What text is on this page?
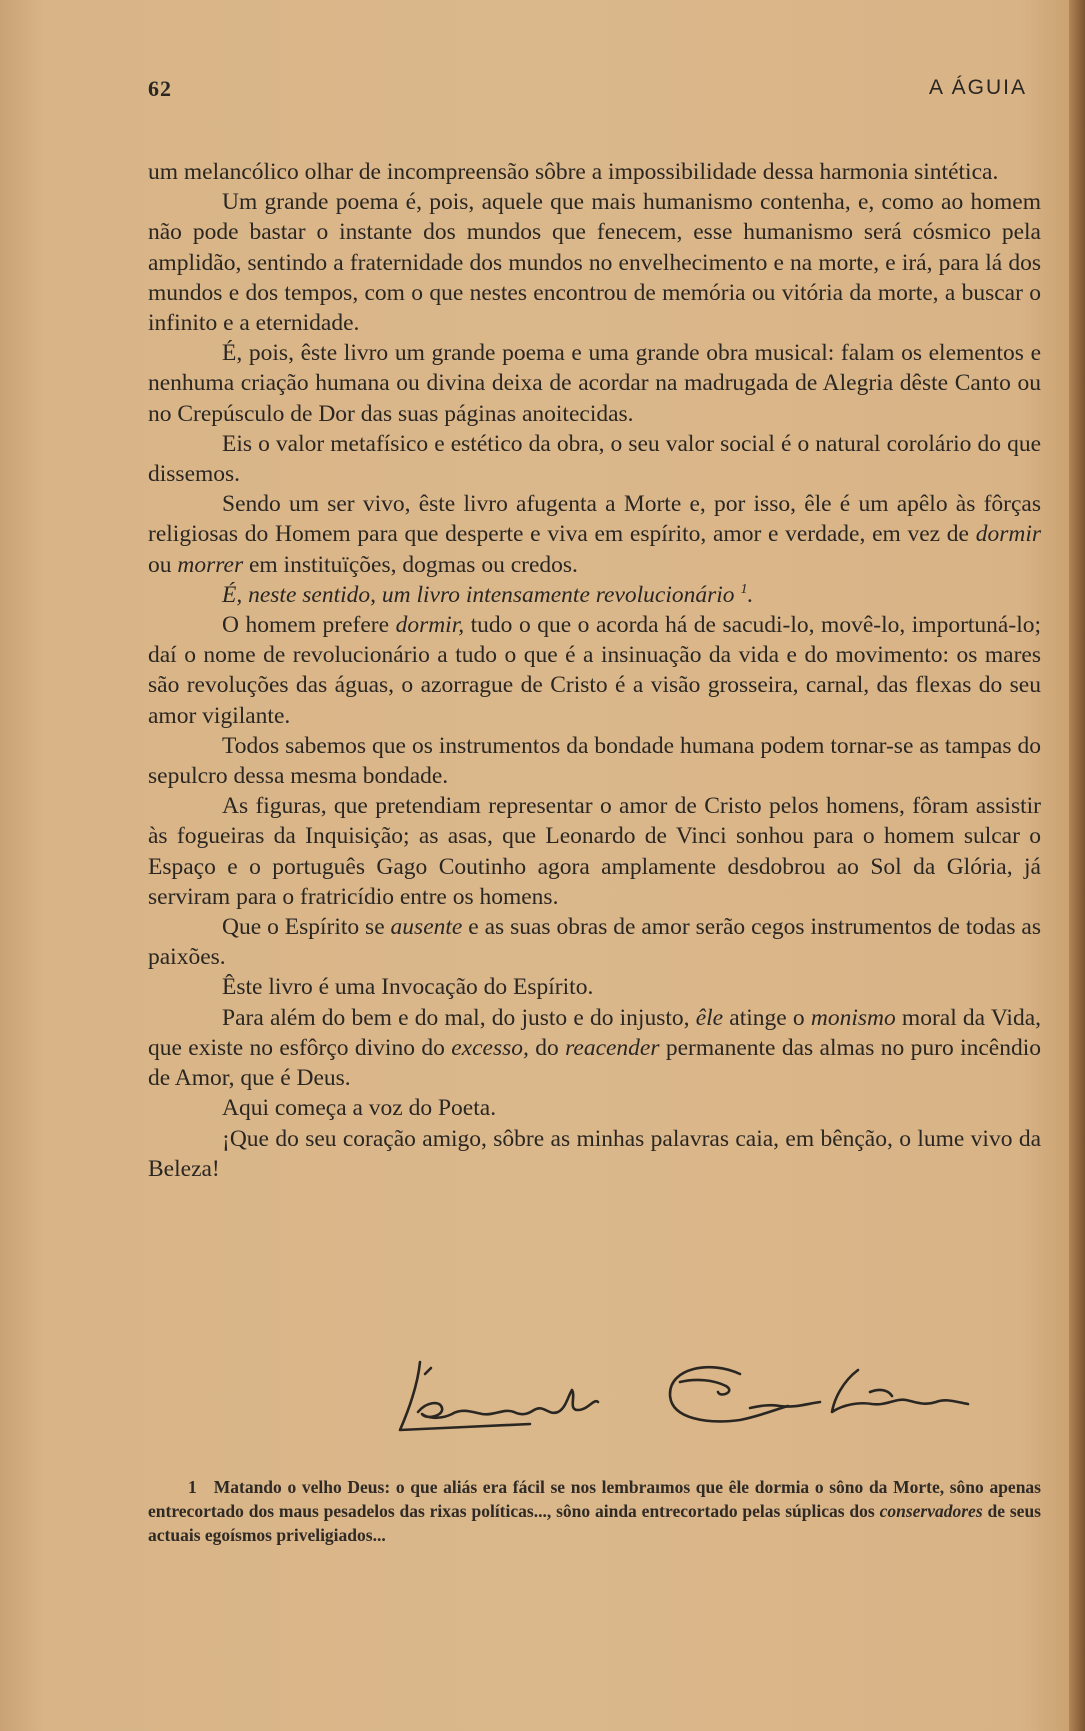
62	A ÁGUIA

um melancólico olhar de incompreensão sôbre a impossibilidade dessa harmonia sintética.

Um grande poema é, pois, aquele que mais humanismo contenha, e, como ao homem não pode bastar o instante dos mundos que fenecem, esse humanismo será cósmico pela amplidão, sentindo a fraternidade dos mundos no envelhecimento e na morte, e irá, para lá dos mundos e dos tempos, com o que nestes encontrou de memória ou vitória da morte, a buscar o infinito e a eternidade.

É, pois, êste livro um grande poema e uma grande obra musical: falam os elementos e nenhuma criação humana ou divina deixa de acordar na madrugada de Alegria dêste Canto ou no Crepúsculo de Dor das suas páginas anoitecidas.

Eis o valor metafísico e estético da obra, o seu valor social é o natural corolário do que dissemos.

Sendo um ser vivo, êste livro afugenta a Morte e, por isso, êle é um apêlo às fôrças religiosas do Homem para que desperte e viva em espírito, amor e verdade, em vez de dormir ou morrer em instituïções, dogmas ou credos.

É, neste sentido, um livro intensamente revolucionário $^1$.

O homem prefere dormir, tudo o que o acorda há de sacudi-lo, movê-lo, importuná-lo; daí o nome de revolucionário a tudo o que é a insinuação da vida e do movimento: os mares são revoluções das águas, o azorrague de Cristo é a visão grosseira, carnal, das flexas do seu amor vigilante.

Todos sabemos que os instrumentos da bondade humana podem tornar-se as tampas do sepulcro dessa mesma bondade.

As figuras, que pretendiam representar o amor de Cristo pelos homens, fôram assistir às fogueiras da Inquisição; as asas, que Leonardo de Vinci sonhou para o homem sulcar o Espaço e o português Gago Coutinho agora amplamente desdobrou ao Sol da Glória, já serviram para o fratricídio entre os homens.

Que o Espírito se ausente e as suas obras de amor serão cegos instrumentos de todas as paixões.

Êste livro é uma Invocação do Espírito.

Para além do bem e do mal, do justo e do injusto, êle atinge o monismo moral da Vida, que existe no esfôrço divino do excesso, do reacender permanente das almas no puro incêndio de Amor, que é Deus.

Aqui começa a voz do Poeta.

¡Que do seu coração amigo, sôbre as minhas palavras caia, em bênção, o lume vivo da Beleza!

1 Matando o velho Deus: o que aliás era fácil se nos lembraımos que êle dormia o sôno da Morte, sôno apenas entrecortado dos maus pesadelos das rixas políticas..., sôno ainda entrecortado pelas súplicas dos conservadores de seus actuais egoísmos priveligiados...
